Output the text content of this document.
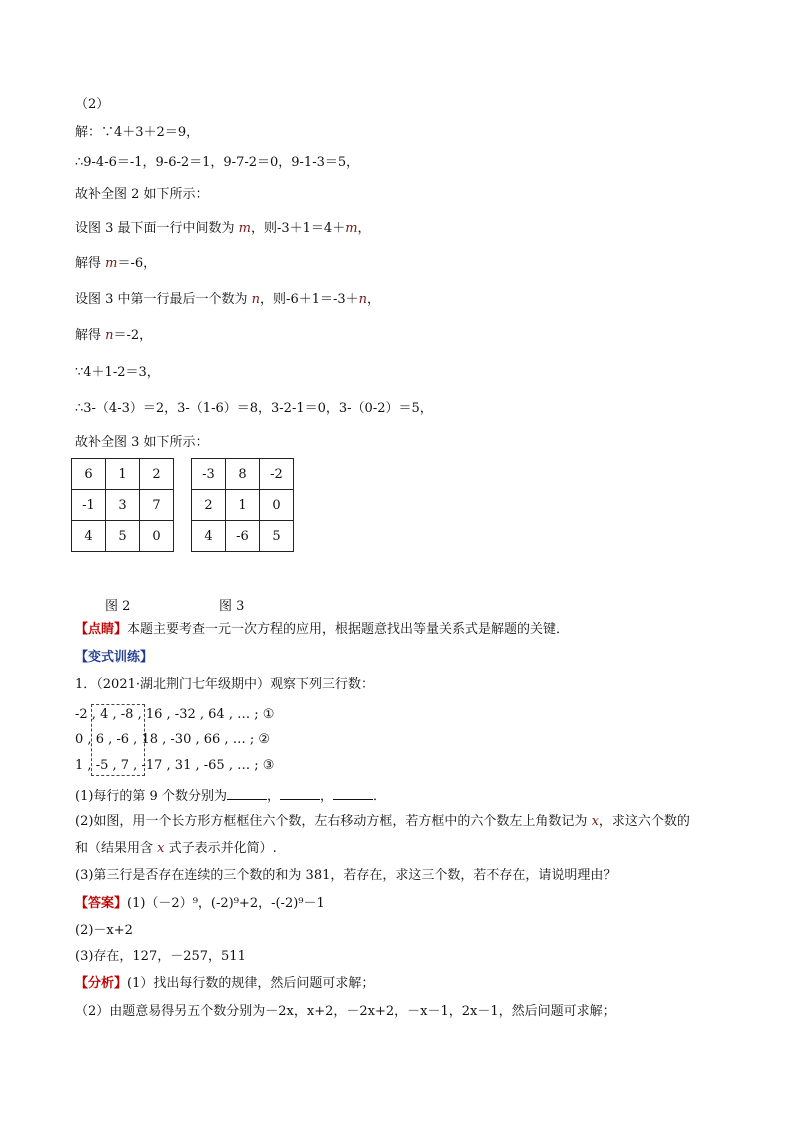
（2）
解：∵4＋3＋2＝9，
∴9-4-6＝-1，9-6-2＝1，9-7-2＝0，9-1-3＝5，
故补全图 2 如下所示：
设图 3 最下面一行中间数为 m，则-3＋1＝4＋m，
解得 m＝-6，
设图 3 中第一行最后一个数为 n，则-6＋1＝-3＋n，
解得 n＝-2，
∵4＋1-2＝3，
∴3-（4-3）＝2，3-（1-6）＝8，3-2-1＝0，3-（0-2）＝5，
故补全图 3 如下所示：
6	1	2
-1	3	7
4	5	0
-3	8	-2
2	1	0
4	-6	5
图 2	图 3
【点睛】本题主要考查一元一次方程的应用，根据题意找出等量关系式是解题的关键．
【变式训练】
1．（2021·湖北荆门七年级期中）观察下列三行数：
-2 , 4 , -8 , 16 , -32 , 64 , … ; ①
0 , 6 , -6 , 18 , -30 , 66 , … ; ②
1 , -5 , 7 , -17 , 31 , -65 , … ; ③
(1)每行的第 9 个数分别为	，	，	．
(2)如图，用一个长方形方框框住六个数，左右移动方框，若方框中的六个数左上角数记为 x，求这六个数的
和（结果用含 x 式子表示并化简）.
(3)第三行是否存在连续的三个数的和为 381，若存在，求这三个数，若不存在，请说明理由？
【答案】(1)（－2）⁹，(-2)⁹+2，-(-2)⁹－1
(2)－x+2
(3)存在，127，－257，511
【分析】(1）找出每行数的规律，然后问题可求解；
（2）由题意易得另五个数分别为－2x，x+2，－2x+2，－x－1，2x－1，然后问题可求解；
